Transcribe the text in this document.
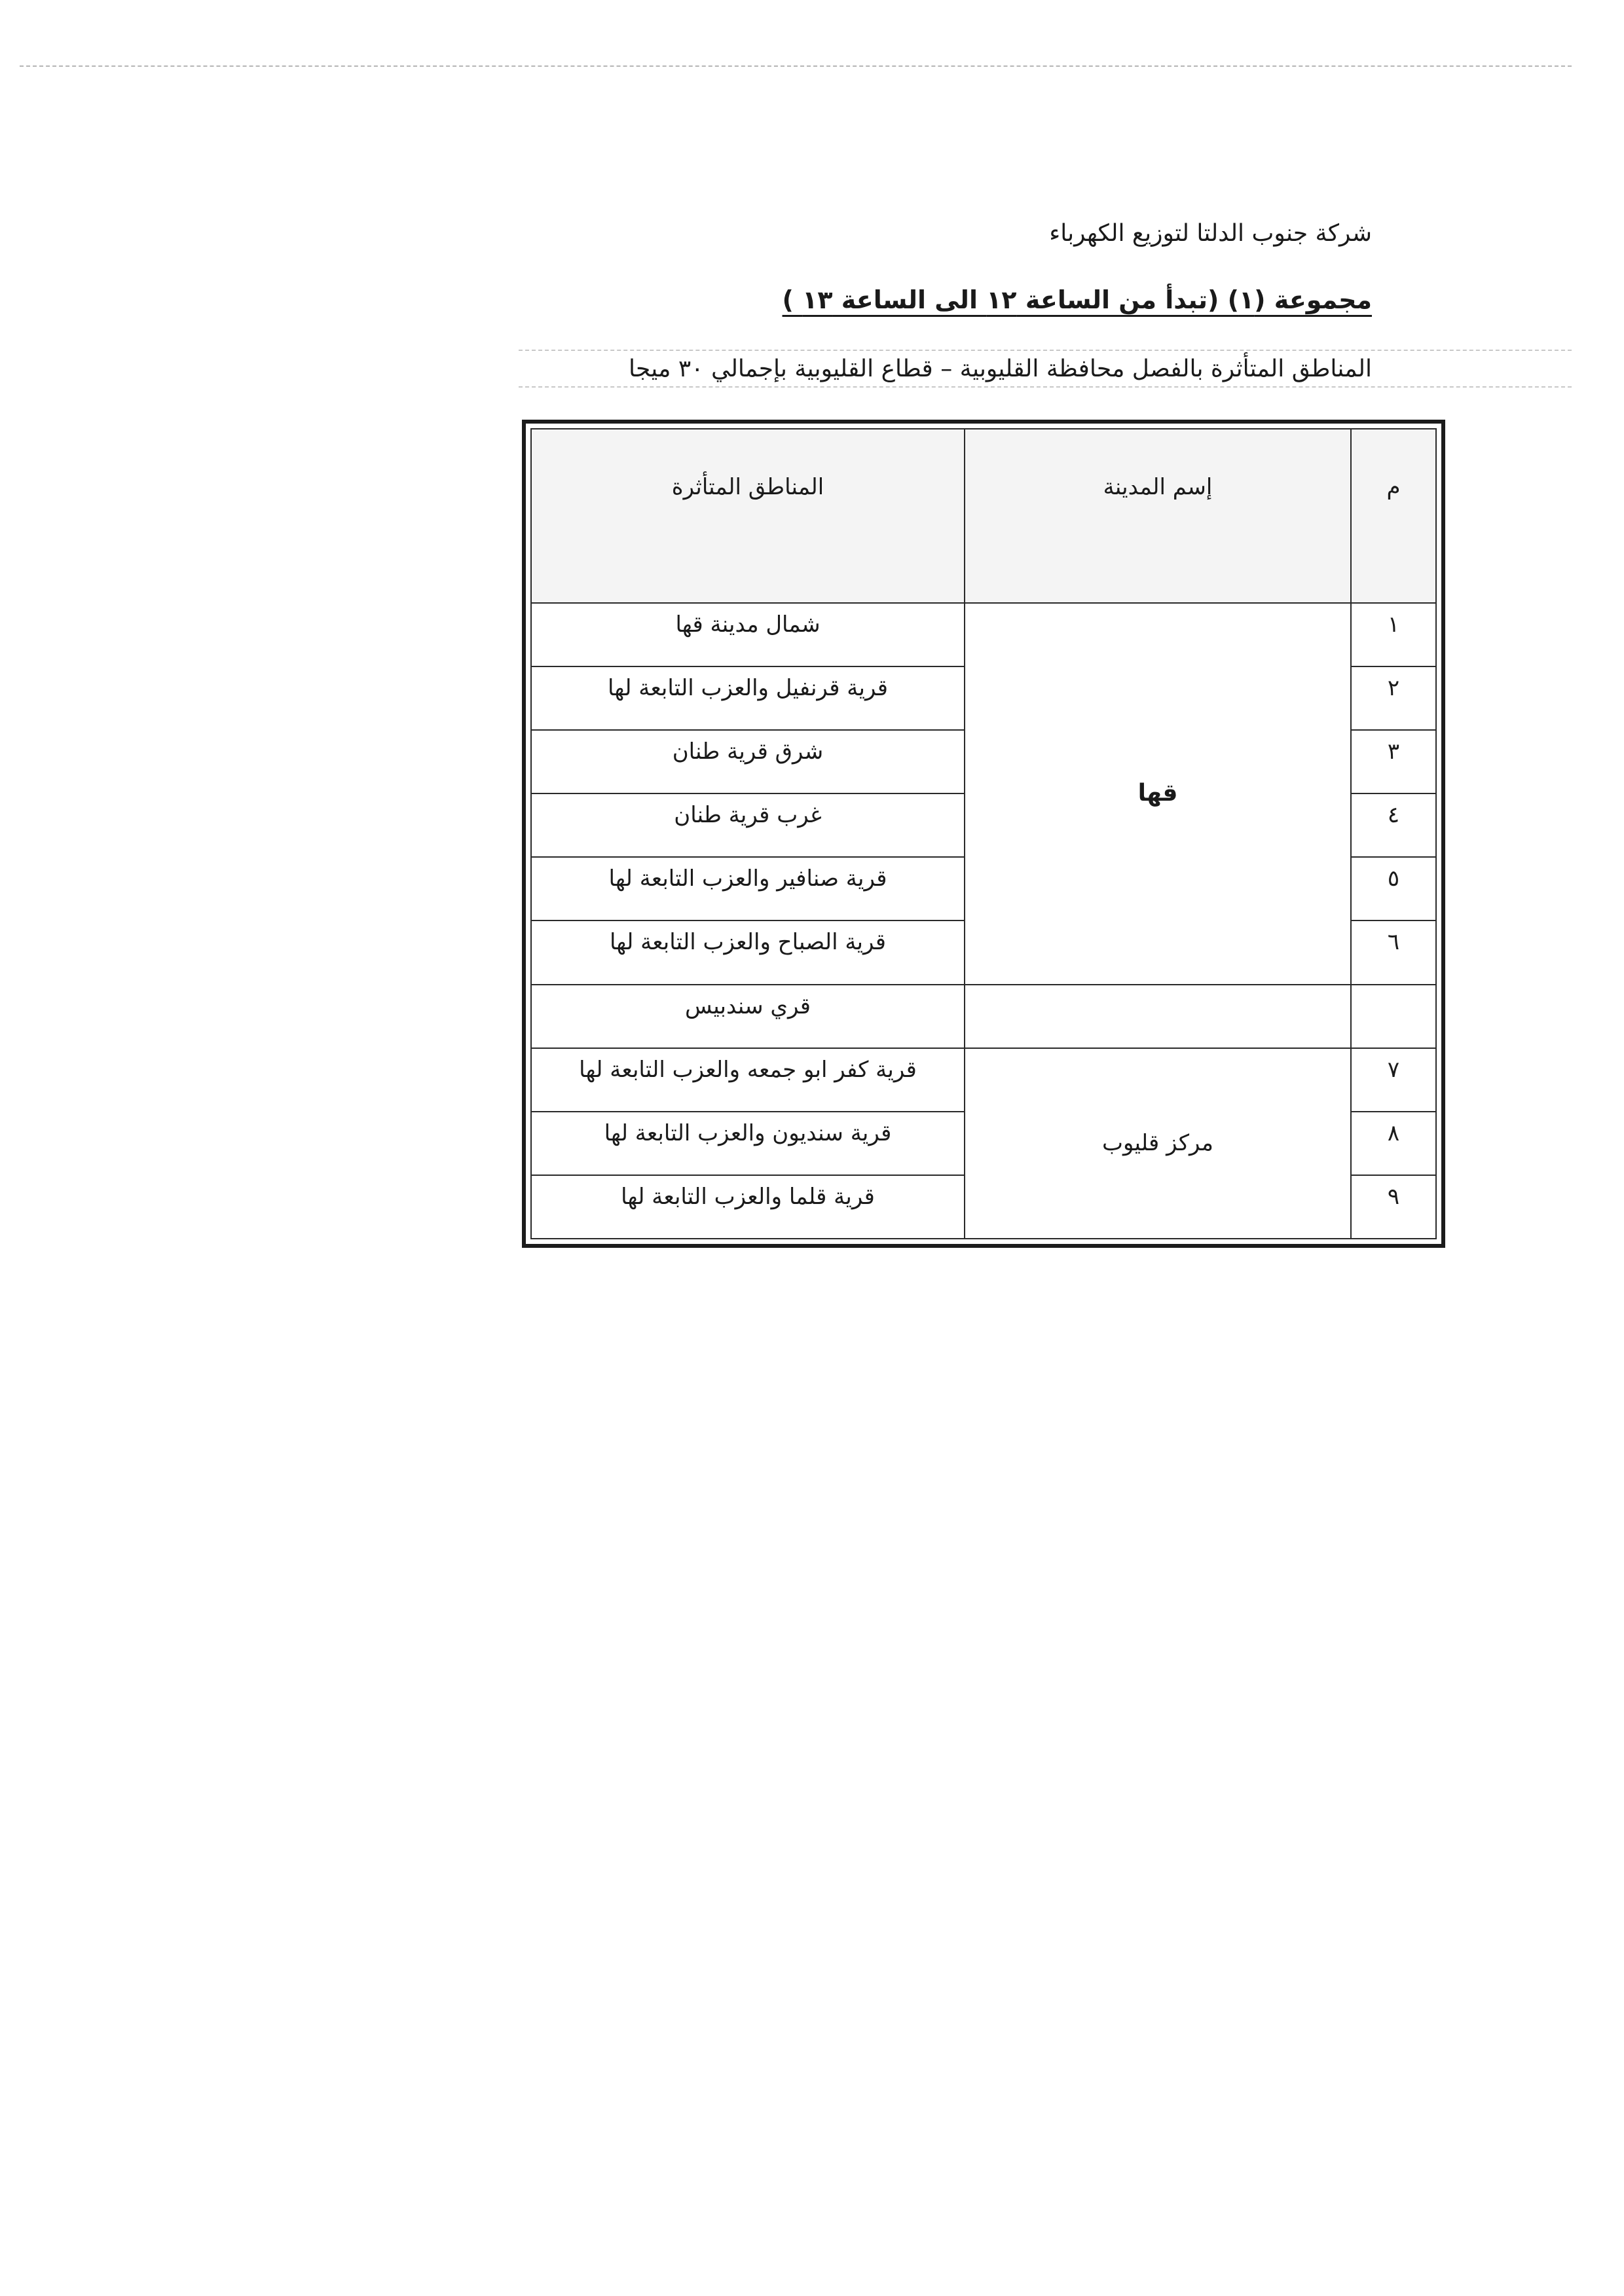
شركة جنوب الدلتا لتوزيع الكهرباء
مجموعة (١) (تبدأ من الساعة ١٢ الى الساعة ١٣ )
المناطق المتأثرة بالفصل محافظة القليوبية – قطاع القليوبية بإجمالي ٣٠ ميجا
م	إسم المدينة	المناطق المتأثرة
١	قها	شمال مدينة قها
٢		قرية قرنفيل والعزب التابعة لها
٣		شرق قرية طنان
٤		غرب قرية طنان
٥		قرية صنافير والعزب التابعة لها
٦		قرية الصباح والعزب التابعة لها
		قري سندبيس
٧	مركز قليوب	قرية كفر ابو جمعه والعزب التابعة لها
٨		قرية سنديون والعزب التابعة لها
٩		قرية قلما والعزب التابعة لها
